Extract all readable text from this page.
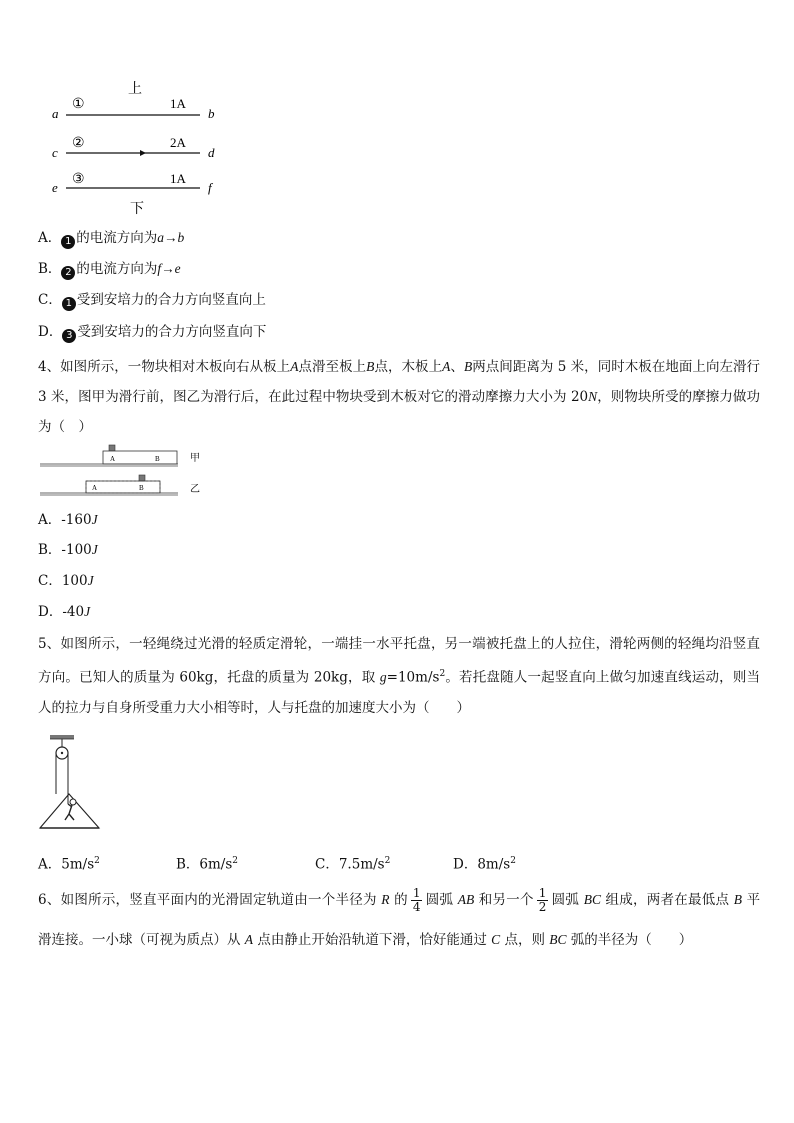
上
a
①	1A
b
c
②	2A
d
e
③	1A
f
下
A． 1 的电流方向为a→b
B． 2 的电流方向为f→e
C． 1 受到安培力的合力方向竖直向上
D． 3 受到安培力的合力方向竖直向下
4、如图所示，一物块相对木板向右从板上A点滑至板上B点，木板上A、B两点间距离为 5 米，同时木板在地面上向左滑行 3 米，图甲为滑行前，图乙为滑行后，在此过程中物块受到木板对它的滑动摩擦力大小为 20N，则物块所受的摩擦力做功为（　）
A	B	甲
A	B	乙
A．-160J
B．-100J
C．100J
D．-40J
5、如图所示，一轻绳绕过光滑的轻质定滑轮，一端挂一水平托盘，另一端被托盘上的人拉住，滑轮两侧的轻绳均沿竖直方向。已知人的质量为 60kg，托盘的质量为 20kg，取 $g=10m/s^2$。若托盘随人一起竖直向上做匀加速直线运动，则当人的拉力与自身所受重力大小相等时，人与托盘的加速度大小为（　　）
A．$5m/s^2$	B．$6m/s^2$	C．$7.5m/s^2$	D．$8m/s^2$
6、如图所示，竖直平面内的光滑固定轨道由一个半径为 R 的 $\frac{1}{4}$ 圆弧 AB 和另一个 $\frac{1}{2}$ 圆弧 BC 组成，两者在最低点 B 平滑连接。一小球（可视为质点）从 A 点由静止开始沿轨道下滑，恰好能通过 C 点，则 BC 弧的半径为（　　）
